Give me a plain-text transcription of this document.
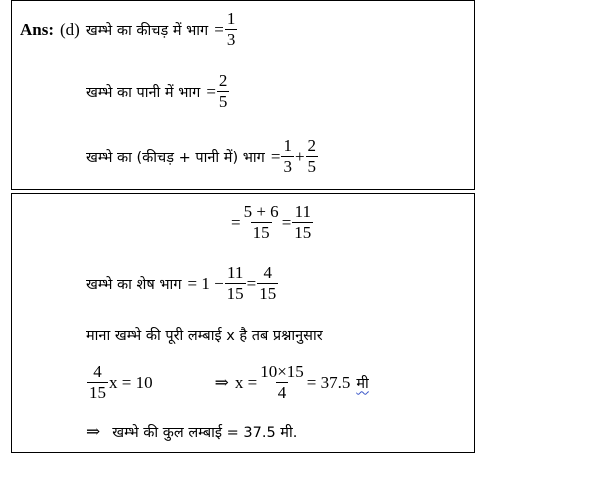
Ans: (d) खम्भे का कीचड़ में भाग = $\frac{1}{3}$
खम्भे का पानी में भाग = $\frac{2}{5}$
खम्भे का (कीचड़ + पानी में) भाग = $\frac{1}{3} + \frac{2}{5}$
= $\frac{5 + 6}{15} = \frac{11}{15}$
खम्भे का शेष भाग = $1 - \frac{11}{15} = \frac{4}{15}$
माना खम्भे की पूरी लम्बाई x है तब प्रश्नानुसार
$\frac{4}{15}$ x = 10	⇒ $x = \frac{10\times 15}{4} = 37.5$ मी
⇒ खम्भे की कुल लम्बाई = 37.5 मी.
